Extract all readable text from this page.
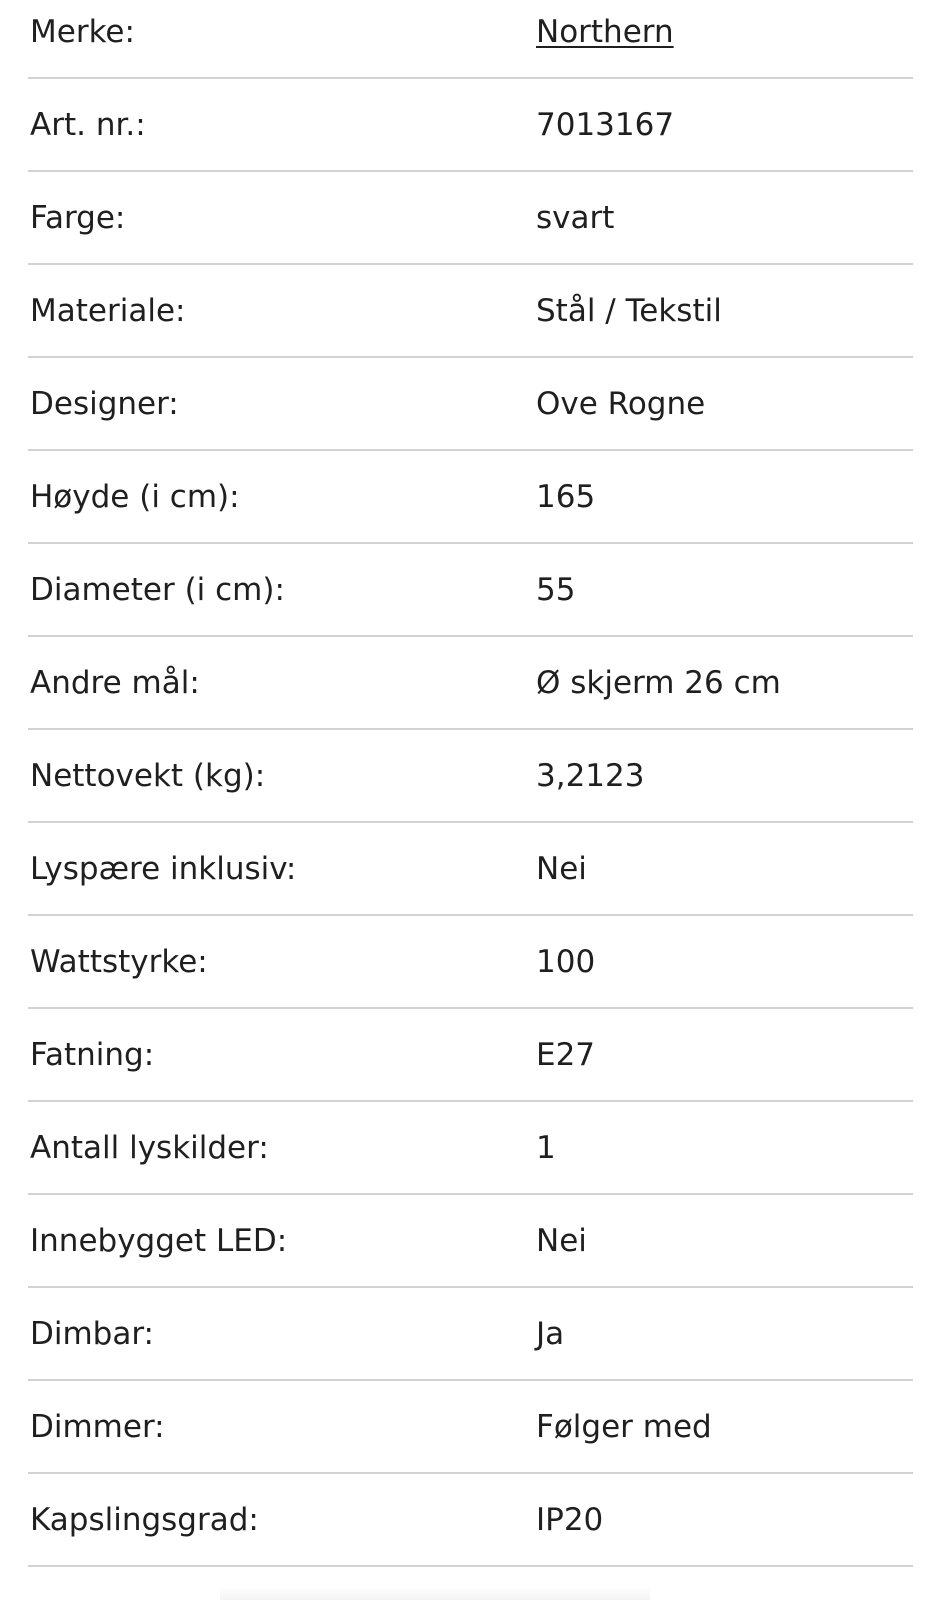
Merke:	Northern
Art. nr.:	7013167
Farge:	svart
Materiale:	Stål / Tekstil
Designer:	Ove Rogne
Høyde (i cm):	165
Diameter (i cm):	55
Andre mål:	Ø skjerm 26 cm
Nettovekt (kg):	3,2123
Lyspære inklusiv:	Nei
Wattstyrke:	100
Fatning:	E27
Antall lyskilder:	1
Innebygget LED:	Nei
Dimbar:	Ja
Dimmer:	Følger med
Kapslingsgrad:	IP20
